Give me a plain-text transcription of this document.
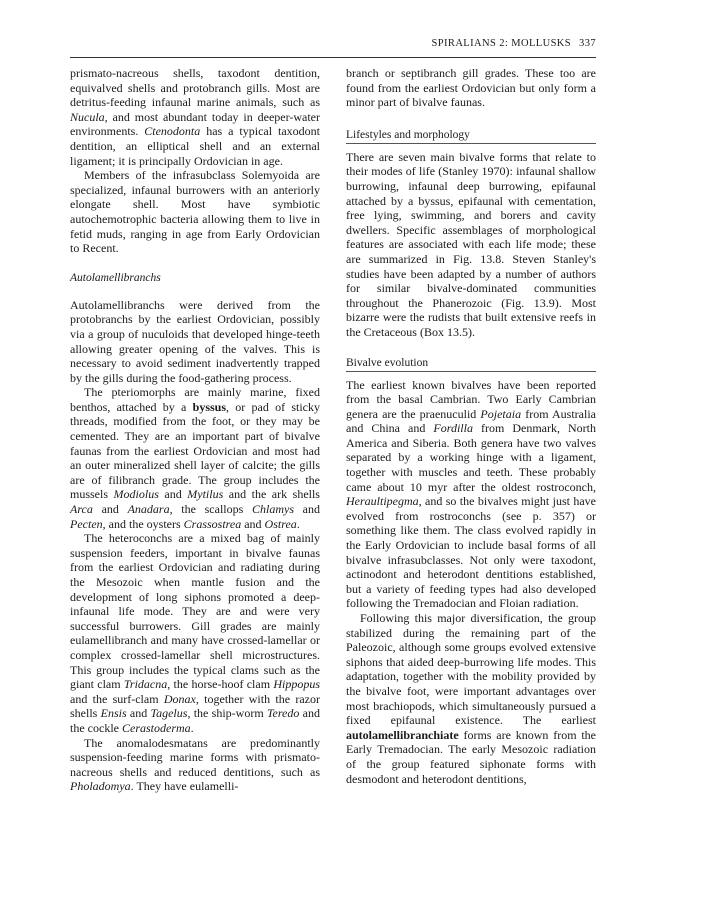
SPIRALIANS 2: MOLLUSKS 337

prismato-nacreous shells, taxodont dentition, equivalved shells and protobranch gills. Most are detritus-feeding infaunal marine animals, such as Nucula, and most abundant today in deeper-water environments. Ctenodonta has a typical taxodont dentition, an elliptical shell and an external ligament; it is principally Ordovician in age.

Members of the infrasubclass Solemyoida are specialized, infaunal burrowers with an anteriorly elongate shell. Most have symbiotic autochemotrophic bacteria allowing them to live in fetid muds, ranging in age from Early Ordovician to Recent.

Autolamellibranchs

Autolamellibranchs were derived from the protobranchs by the earliest Ordovician, possibly via a group of nuculoids that developed hinge-teeth allowing greater opening of the valves. This is necessary to avoid sediment inadvertently trapped by the gills during the food-gathering process.

The pteriomorphs are mainly marine, fixed benthos, attached by a byssus, or pad of sticky threads, modified from the foot, or they may be cemented. They are an important part of bivalve faunas from the earliest Ordovician and most had an outer mineralized shell layer of calcite; the gills are of filibranch grade. The group includes the mussels Modiolus and Mytilus and the ark shells Arca and Anadara, the scallops Chlamys and Pecten, and the oysters Crassostrea and Ostrea.

The heteroconchs are a mixed bag of mainly suspension feeders, important in bivalve faunas from the earliest Ordovician and radiating during the Mesozoic when mantle fusion and the development of long siphons promoted a deep-infaunal life mode. They are and were very successful burrowers. Gill grades are mainly eulamellibranch and many have crossed-lamellar or complex crossed-lamellar shell microstructures. This group includes the typical clams such as the giant clam Tridacna, the horse-hoof clam Hippopus and the surf-clam Donax, together with the razor shells Ensis and Tagelus, the ship-worm Teredo and the cockle Cerastoderma.

The anomalodesmatans are predominantly suspension-feeding marine forms with prismato-nacreous shells and reduced dentitions, such as Pholadomya. They have eulamelli-

branch or septibranch gill grades. These too are found from the earliest Ordovician but only form a minor part of bivalve faunas.

Lifestyles and morphology

There are seven main bivalve forms that relate to their modes of life (Stanley 1970): infaunal shallow burrowing, infaunal deep burrowing, epifaunal attached by a byssus, epifaunal with cementation, free lying, swimming, and borers and cavity dwellers. Specific assemblages of morphological features are associated with each life mode; these are summarized in Fig. 13.8. Steven Stanley's studies have been adapted by a number of authors for similar bivalve-dominated communities throughout the Phanerozoic (Fig. 13.9). Most bizarre were the rudists that built extensive reefs in the Cretaceous (Box 13.5).

Bivalve evolution

The earliest known bivalves have been reported from the basal Cambrian. Two Early Cambrian genera are the praenuculid Pojetaia from Australia and China and Fordilla from Denmark, North America and Siberia. Both genera have two valves separated by a working hinge with a ligament, together with muscles and teeth. These probably came about 10 myr after the oldest rostroconch, Heraultipegma, and so the bivalves might just have evolved from rostroconchs (see p. 357) or something like them. The class evolved rapidly in the Early Ordovician to include basal forms of all bivalve infrasubclasses. Not only were taxodont, actinodont and heterodont dentitions established, but a variety of feeding types had also developed following the Tremadocian and Floian radiation.

Following this major diversification, the group stabilized during the remaining part of the Paleozoic, although some groups evolved extensive siphons that aided deep-burrowing life modes. This adaptation, together with the mobility provided by the bivalve foot, were important advantages over most brachiopods, which simultaneously pursued a fixed epifaunal existence. The earliest autolamellibranchiate forms are known from the Early Tremadocian. The early Mesozoic radiation of the group featured siphonate forms with desmodont and heterodont dentitions,
